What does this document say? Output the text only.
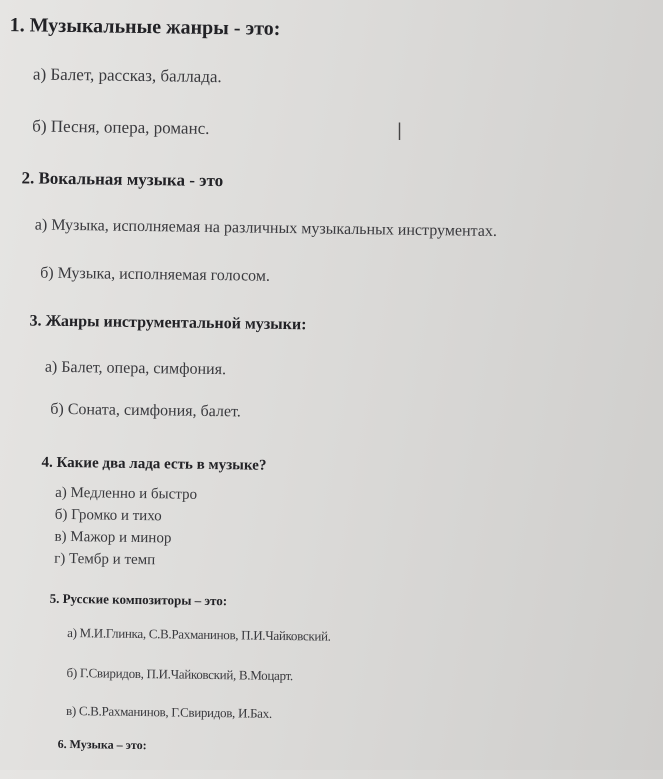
1. Музыкальные жанры - это:
а) Балет, рассказ, баллада.
б) Песня, опера, романс.
2. Вокальная музыка - это
а) Музыка, исполняемая на различных музыкальных инструментах.
б) Музыка, исполняемая голосом.
3. Жанры инструментальной музыки:
а) Балет, опера, симфония.
б) Соната, симфония, балет.
4. Какие два лада есть в музыке?
а) Медленно и быстро
б) Громко и тихо
в) Мажор и минор
г) Тембр и темп
5. Русские композиторы – это:
а) М.И.Глинка, С.В.Рахманинов, П.И.Чайковский.
б) Г.Свиридов, П.И.Чайковский, В.Моцарт.
в) С.В.Рахманинов, Г.Свиридов, И.Бах.
6. Музыка – это:
I
